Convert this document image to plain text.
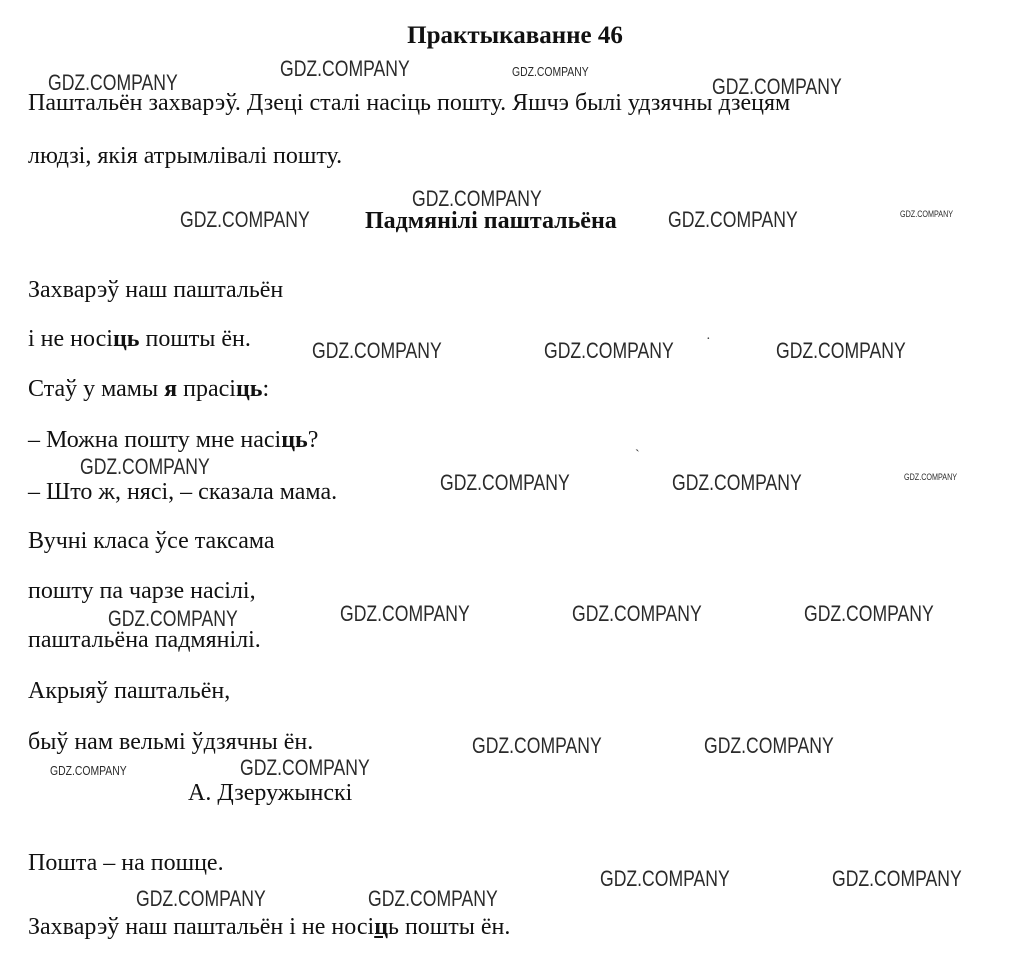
Практыкаванне 46
Паштальён захварэў. Дзеці сталі насіць пошту. Яшчэ былі удзячны дзецям
людзі, якія атрымлівалі пошту.
Падмянілі паштальёна
Захварэў наш паштальён
і не носіць пошты ён.
Стаў у мамы я прасіць:
– Можна пошту мне насіць?
– Што ж, нясі, – сказала мама.
Вучні класа ўсе таксама
пошту па чарзе насілі,
паштальёна падмянілі.
Акрыяў паштальён,
быў нам вельмі ўдзячны ён.
А. Дзеружынскі
Пошта – на пошце.
Захварэў наш паштальён і не носіць пошты ён.
·
`
GDZ.COMPANY
GDZ.COMPANY	GDZ.COMPANY
GDZ.COMPANY
GDZ.COMPANY
GDZ.COMPANY	GDZ.COMPANY	GDZ.COMPANY
GDZ.COMPANY	GDZ.COMPANY	GDZ.COMPANY
GDZ.COMPANY
GDZ.COMPANY	GDZ.COMPANY	GDZ.COMPANY
GDZ.COMPANY	GDZ.COMPANY	GDZ.COMPANY	GDZ.COMPANY
GDZ.COMPANY	GDZ.COMPANY
GDZ.COMPANY
GDZ.COMPANY
GDZ.COMPANY	GDZ.COMPANY
GDZ.COMPANY	GDZ.COMPANY
